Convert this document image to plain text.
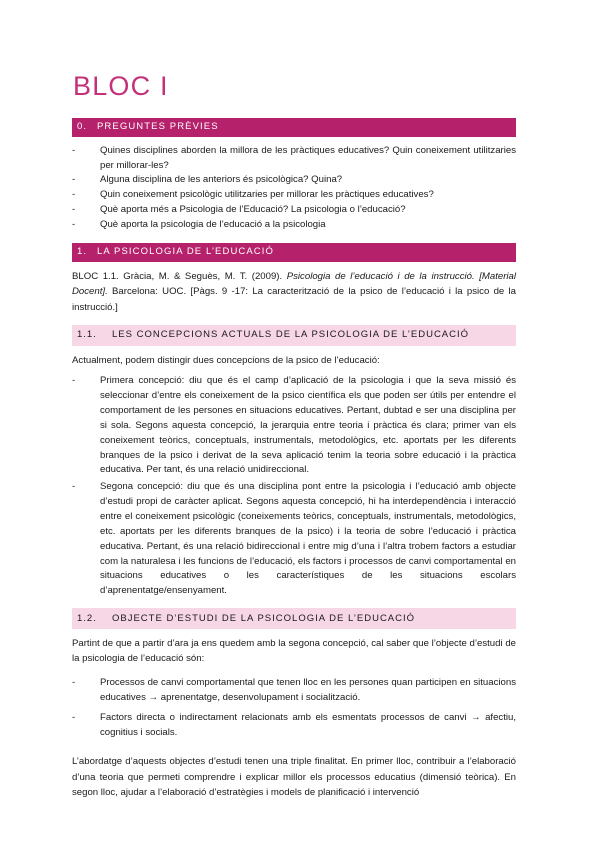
BLOC I
0.	PREGUNTES PRÈVIES
- Quines disciplines aborden la millora de les pràctiques educatives? Quin coneixement utilitzaries per millorar-les?
- Alguna disciplina de les anteriors és psicològica? Quina?
- Quin coneixement psicològic utilitzaries per millorar les pràctiques educatives?
- Què aporta més a Psicologia de l’Educació? La psicologia o l’educació?
- Què aporta la psicologia de l’educació a la psicologia
1.	LA PSICOLOGIA DE L’EDUCACIÓ

BLOC 1.1. Gràcia, M. & Seguès, M. T. (2009). Psicologia de l’educació i de la instrucció. [Material Docent]. Barcelona: UOC. [Pàgs. 9 -17: La caracterització de la psico de l’educació i la psico de la instrucció.]

1.1.	LES CONCEPCIONS ACTUALS DE LA PSICOLOGIA DE L’EDUCACIÓ

Actualment, podem distingir dues concepcions de la psico de l’educació:

- Primera concepció: diu que és el camp d’aplicació de la psicologia i que la seva missió és seleccionar d’entre els coneixement de la psico científica els que poden ser útils per entendre el comportament de les persones en situacions educatives. Pertant, dubtad e ser una disciplina per si sola. Segons aquesta concepció, la jerarquia entre teoria i pràctica és clara; primer van els coneixement teòrics, conceptuals, instrumentals, metodològics, etc. aportats per les diferents branques de la psico i derivat de la seva aplicació tenim la teoria sobre educació i la pràctica educativa. Per tant, és una relació unidireccional.
- Segona concepció: diu que és una disciplina pont entre la psicologia i l’educació amb objecte d’estudi propi de caràcter aplicat. Segons aquesta concepció, hi ha interdependència i interacció entre el coneixement psicològic (coneixements teòrics, conceptuals, instrumentals, metodològics, etc. aportats per les diferents branques de la psico) i la teoria de sobre l’educació i pràctica educativa. Pertant, és una relació bidireccional i entre mig d’una i l’altra trobem factors a estudiar com la naturalesa i les funcions de l’educació, els factors i processos de canvi comportamental en situacions educatives o les característiques de les situacions escolars d’aprenentatge/ensenyament.
1.2.	OBJECTE D’ESTUDI DE LA PSICOLOGIA DE L’EDUCACIÓ

Partint de que a partir d’ara ja ens quedem amb la segona concepció, cal saber que l’objecte d’estudi de la psicologia de l’educació són:

- Processos de canvi comportamental que tenen lloc en les persones quan participen en situacions educatives → aprenentatge, desenvolupament i socialització.
- Factors directa o indirectament relacionats amb els esmentats processos de canvi → afectiu, cognitius i socials.

L’abordatge d’aquests objectes d’estudi tenen una triple finalitat. En primer lloc, contribuir a l’elaboració d’una teoria que permeti comprendre i explicar millor els processos educatius (dimensió teòrica). En segon lloc, ajudar a l’elaboració d’estratègies i models de planificació i intervenció
